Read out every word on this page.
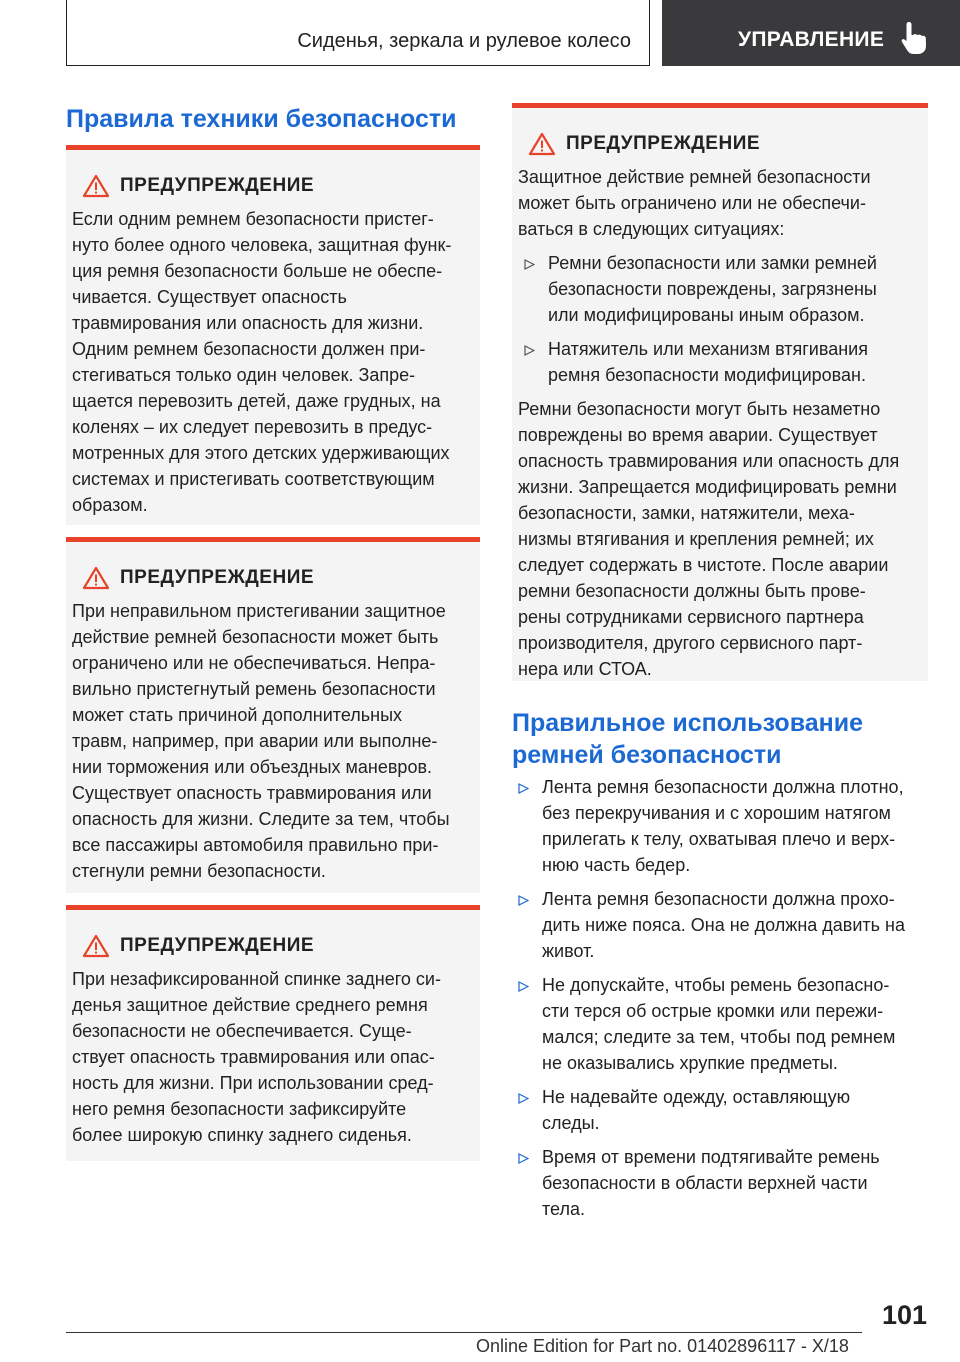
Сиденья, зеркала и рулевое колесо	УПРАВЛЕНИЕ
Правила техники безопасности
ПРЕДУПРЕЖДЕНИЕ
Если одним ремнем безопасности пристег-
нуто более одного человека, защитная функ-
ция ремня безопасности больше не обеспе-
чивается. Существует опасность
травмирования или опасность для жизни.
Одним ремнем безопасности должен при-
стегиваться только один человек. Запре-
щается перевозить детей, даже грудных, на
коленях – их следует перевозить в предус-
мотренных для этого детских удерживающих
системах и пристегивать соответствующим
образом.
ПРЕДУПРЕЖДЕНИЕ
При неправильном пристегивании защитное
действие ремней безопасности может быть
ограничено или не обеспечиваться. Непра-
вильно пристегнутый ремень безопасности
может стать причиной дополнительных
травм, например, при аварии или выполне-
нии торможения или объездных маневров.
Существует опасность травмирования или
опасность для жизни. Следите за тем, чтобы
все пассажиры автомобиля правильно при-
стегнули ремни безопасности.
ПРЕДУПРЕЖДЕНИЕ
При незафиксированной спинке заднего си-
денья защитное действие среднего ремня
безопасности не обеспечивается. Суще-
ствует опасность травмирования или опас-
ность для жизни. При использовании сред-
него ремня безопасности зафиксируйте
более широкую спинку заднего сиденья.
ПРЕДУПРЕЖДЕНИЕ
Защитное действие ремней безопасности
может быть ограничено или не обеспечи-
ваться в следующих ситуациях:
Ремни безопасности или замки ремней
безопасности повреждены, загрязнены
или модифицированы иным образом.
Натяжитель или механизм втягивания
ремня безопасности модифицирован.
Ремни безопасности могут быть незаметно
повреждены во время аварии. Существует
опасность травмирования или опасность для
жизни. Запрещается модифицировать ремни
безопасности, замки, натяжители, меха-
низмы втягивания и крепления ремней; их
следует содержать в чистоте. После аварии
ремни безопасности должны быть прове-
рены сотрудниками сервисного партнера
производителя, другого сервисного парт-
нера или СТОА.
Правильное использование
ремней безопасности
Лента ремня безопасности должна плотно,
без перекручивания и с хорошим натягом
прилегать к телу, охватывая плечо и верх-
нюю часть бедер.
Лента ремня безопасности должна прохо-
дить ниже пояса. Она не должна давить на
живот.
Не допускайте, чтобы ремень безопасно-
сти терся об острые кромки или пережи-
мался; следите за тем, чтобы под ремнем
не оказывались хрупкие предметы.
Не надевайте одежду, оставляющую
следы.
Время от времени подтягивайте ремень
безопасности в области верхней части
тела.
101
Online Edition for Part no. 01402896117 - X/18
